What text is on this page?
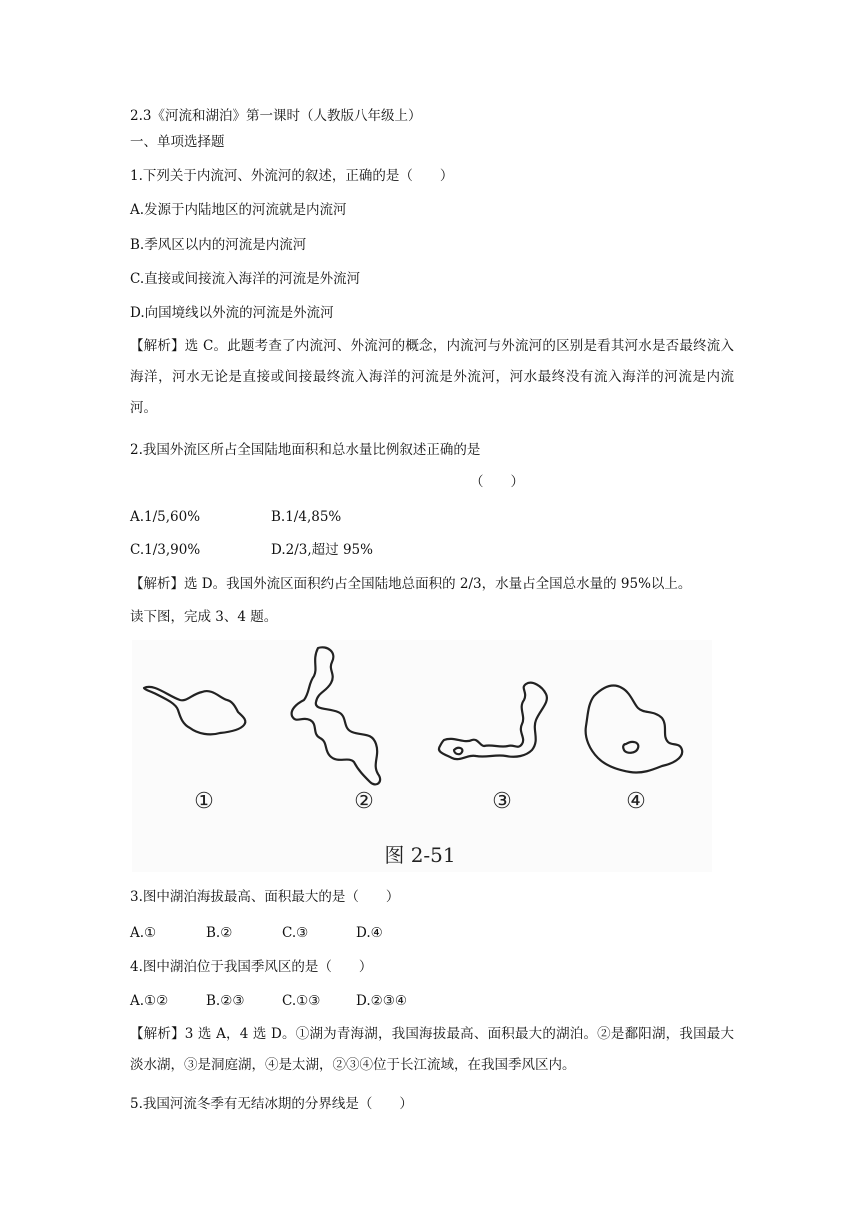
2.3《河流和湖泊》第一课时（人教版八年级上）
一、单项选择题
1.下列关于内流河、外流河的叙述，正确的是（　　）
A.发源于内陆地区的河流就是内流河
B.季风区以内的河流是内流河
C.直接或间接流入海洋的河流是外流河
D.向国境线以外流的河流是外流河
【解析】选 C。此题考查了内流河、外流河的概念，内流河与外流河的区别是看其河水是否最终流入海洋，河水无论是直接或间接最终流入海洋的河流是外流河，河水最终没有流入海洋的河流是内流河。
2.我国外流区所占全国陆地面积和总水量比例叙述正确的是
（　　）
A.1/5,60%	B.1/4,85%
C.1/3,90%	D.2/3,超过 95%
【解析】选 D。我国外流区面积约占全国陆地总面积的 2/3，水量占全国总水量的 95%以上。
读下图，完成 3、4 题。
①	②	③	④
图 2-51
3.图中湖泊海拔最高、面积最大的是（　　）
A.①	B.②	C.③	D.④
4.图中湖泊位于我国季风区的是（　　）
A.①②	B.②③	C.①③	D.②③④
【解析】3 选 A，4 选 D。①湖为青海湖，我国海拔最高、面积最大的湖泊。②是鄱阳湖，我国最大淡水湖，③是洞庭湖，④是太湖，②③④位于长江流域，在我国季风区内。
5.我国河流冬季有无结冰期的分界线是（　　）
